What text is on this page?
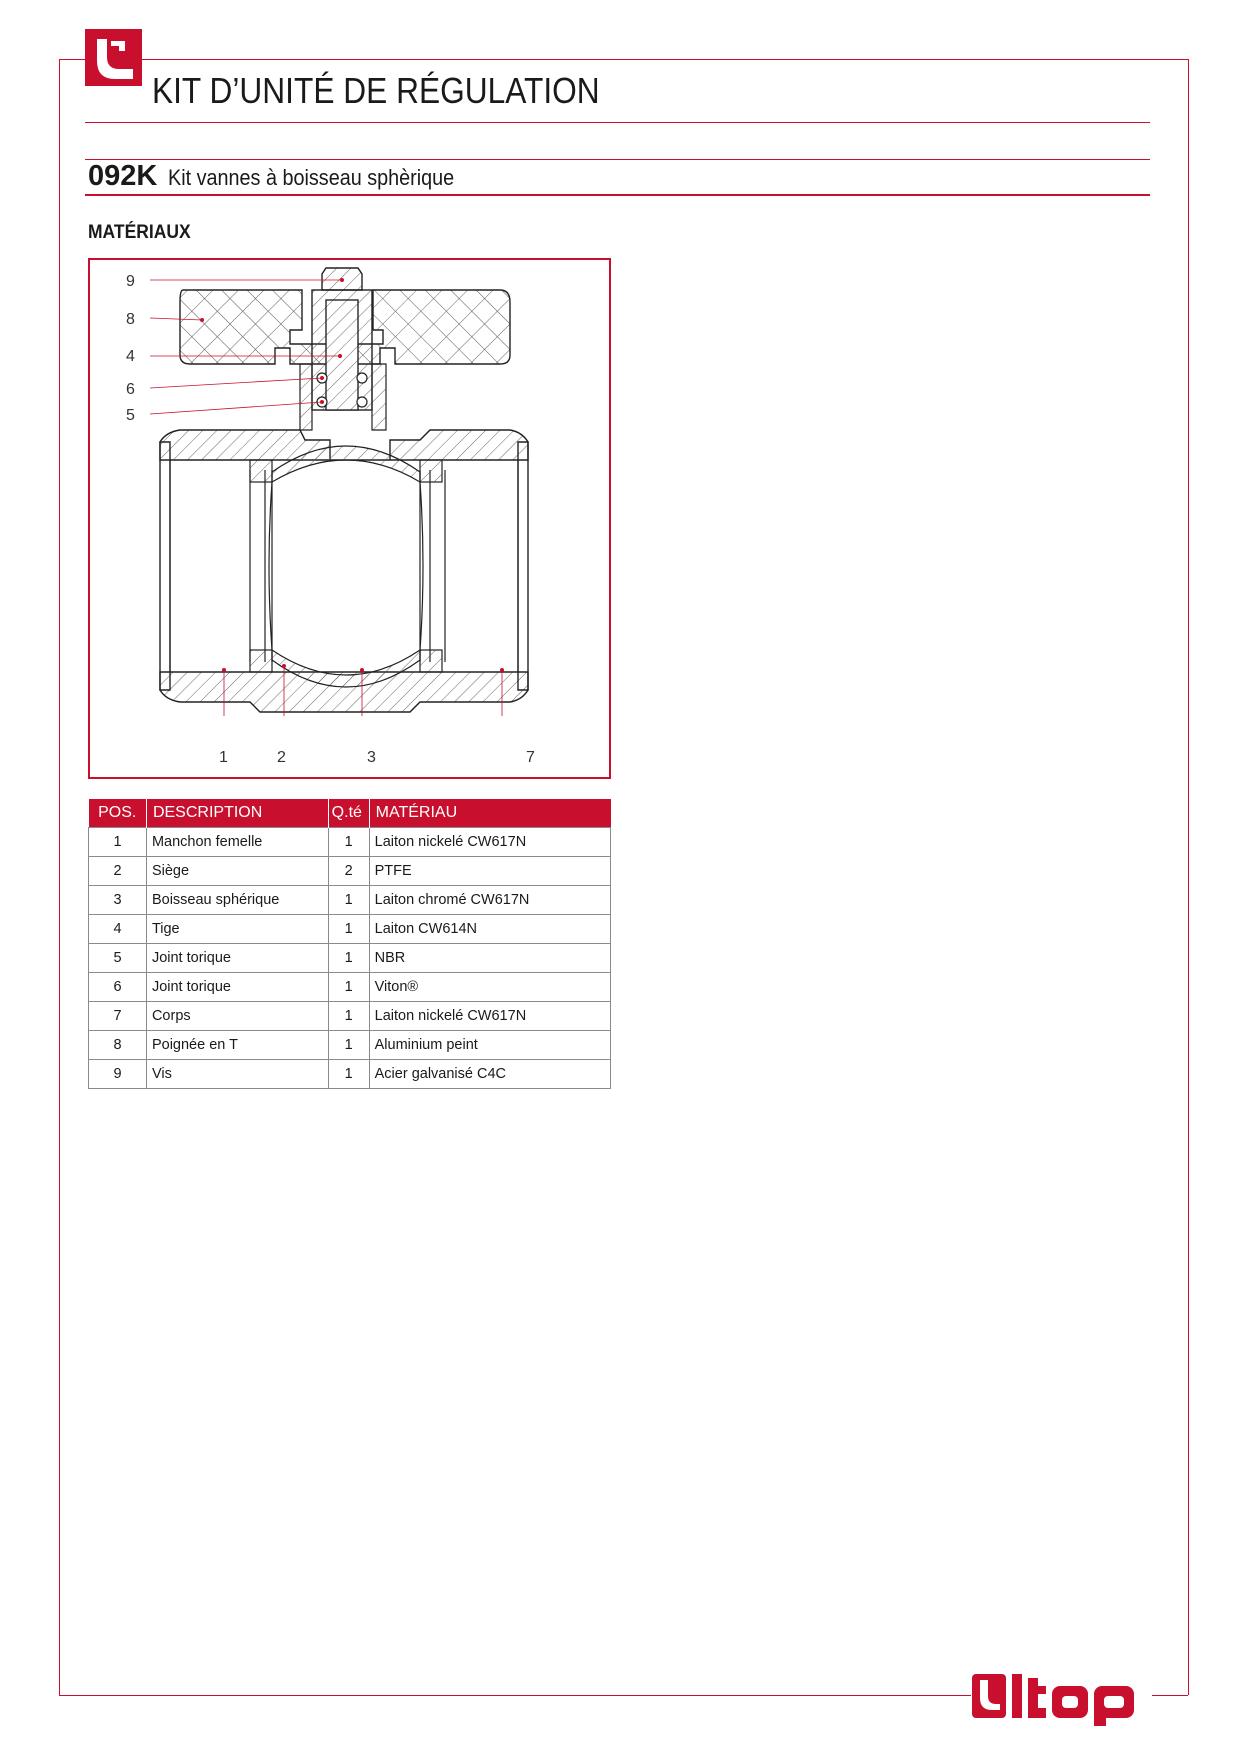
KIT D’UNITÉ DE RÉGULATION
092K Kit vannes à boisseau sphèrique
MATÉRIAUX
9
8
4
6
5
1	2	3	7
POS.	DESCRIPTION	Q.té	MATÉRIAU
1	Manchon femelle	1	Laiton nickelé CW617N
2	Siège	2	PTFE
3	Boisseau sphérique	1	Laiton chromé CW617N
4	Tige	1	Laiton CW614N
5	Joint torique	1	NBR
6	Joint torique	1	Viton®
7	Corps	1	Laiton nickelé CW617N
8	Poignée en T	1	Aluminium peint
9	Vis	1	Acier galvanisé C4C
